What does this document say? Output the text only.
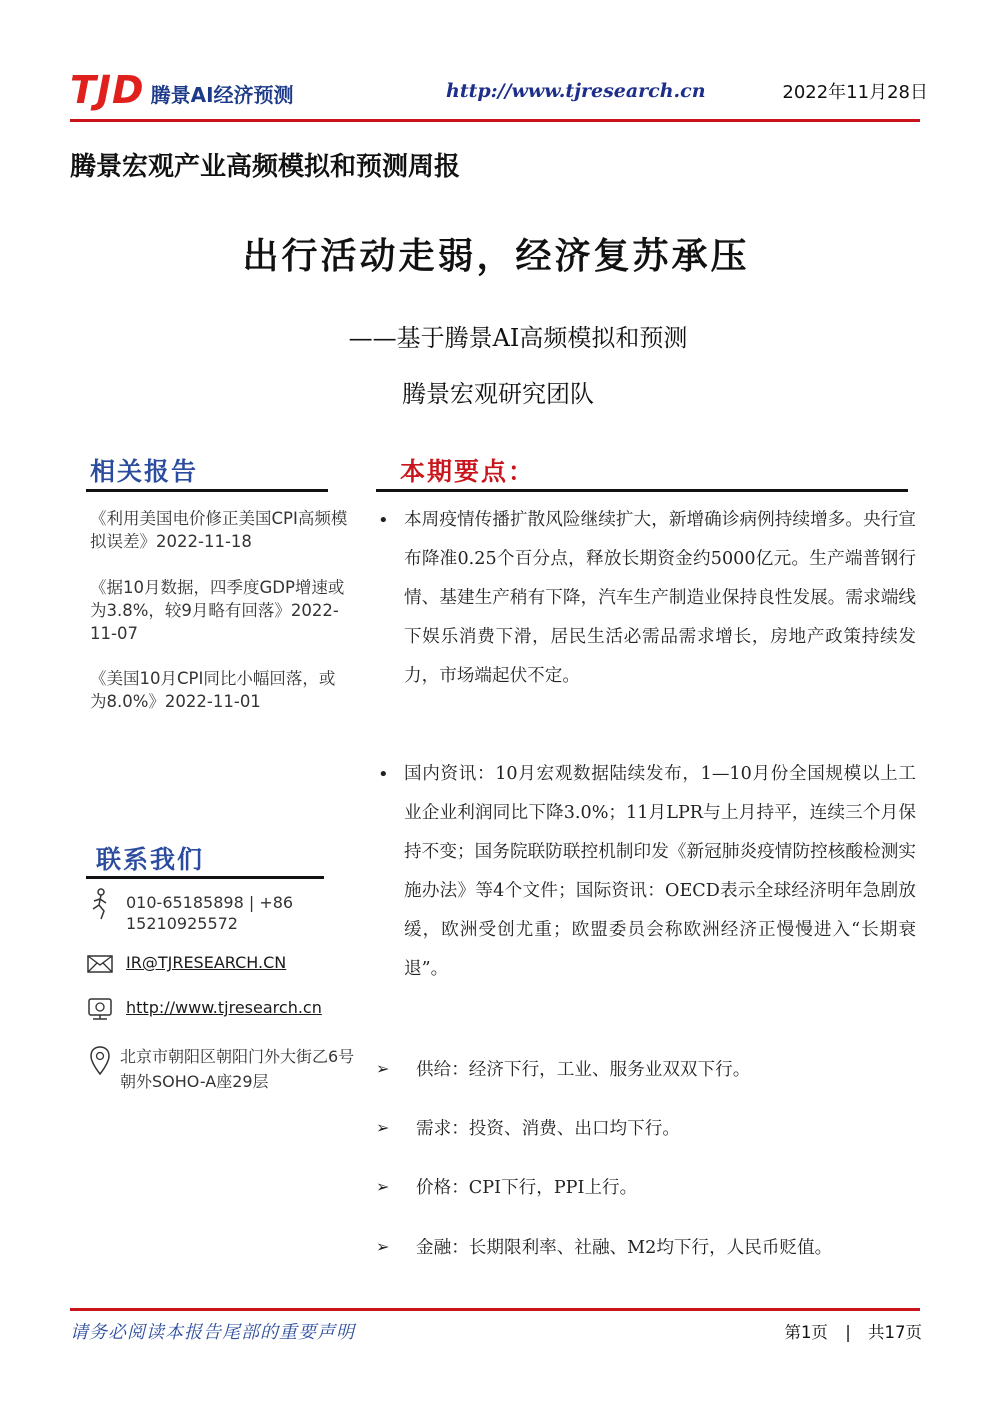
TJD 腾景AI经济预测	http://www.tjresearch.cn	2022年11月28日
腾景宏观产业高频模拟和预测周报
出行活动走弱，经济复苏承压
——基于腾景AI高频模拟和预测
腾景宏观研究团队
相关报告
《利用美国电价修正美国CPI高频模拟误差》2022-11-18
《据10月数据，四季度GDP增速或为3.8%，较9月略有回落》2022-11-07
《美国10月CPI同比小幅回落，或为8.0%》2022-11-01
联系我们
010-65185898 | +86 15210925572
IR@TJRESEARCH.CN
http://www.tjresearch.cn
北京市朝阳区朝阳门外大街乙6号朝外SOHO-A座29层
本期要点：
• 本周疫情传播扩散风险继续扩大，新增确诊病例持续增多。央行宣布降准0.25个百分点，释放长期资金约5000亿元。生产端普钢行情、基建生产稍有下降，汽车生产制造业保持良性发展。需求端线下娱乐消费下滑，居民生活必需品需求增长，房地产政策持续发力，市场端起伏不定。
• 国内资讯：10月宏观数据陆续发布，1—10月份全国规模以上工业企业利润同比下降3.0%；11月LPR与上月持平，连续三个月保持不变；国务院联防联控机制印发《新冠肺炎疫情防控核酸检测实施办法》等4个文件；国际资讯：OECD表示全球经济明年急剧放缓，欧洲受创尤重；欧盟委员会称欧洲经济正慢慢进入“长期衰退”。
➢	供给：经济下行，工业、服务业双双下行。
➢	需求：投资、消费、出口均下行。
➢	价格：CPI下行，PPI上行。
➢	金融：长期限利率、社融、M2均下行，人民币贬值。
请务必阅读本报告尾部的重要声明	第1页 | 共17页
